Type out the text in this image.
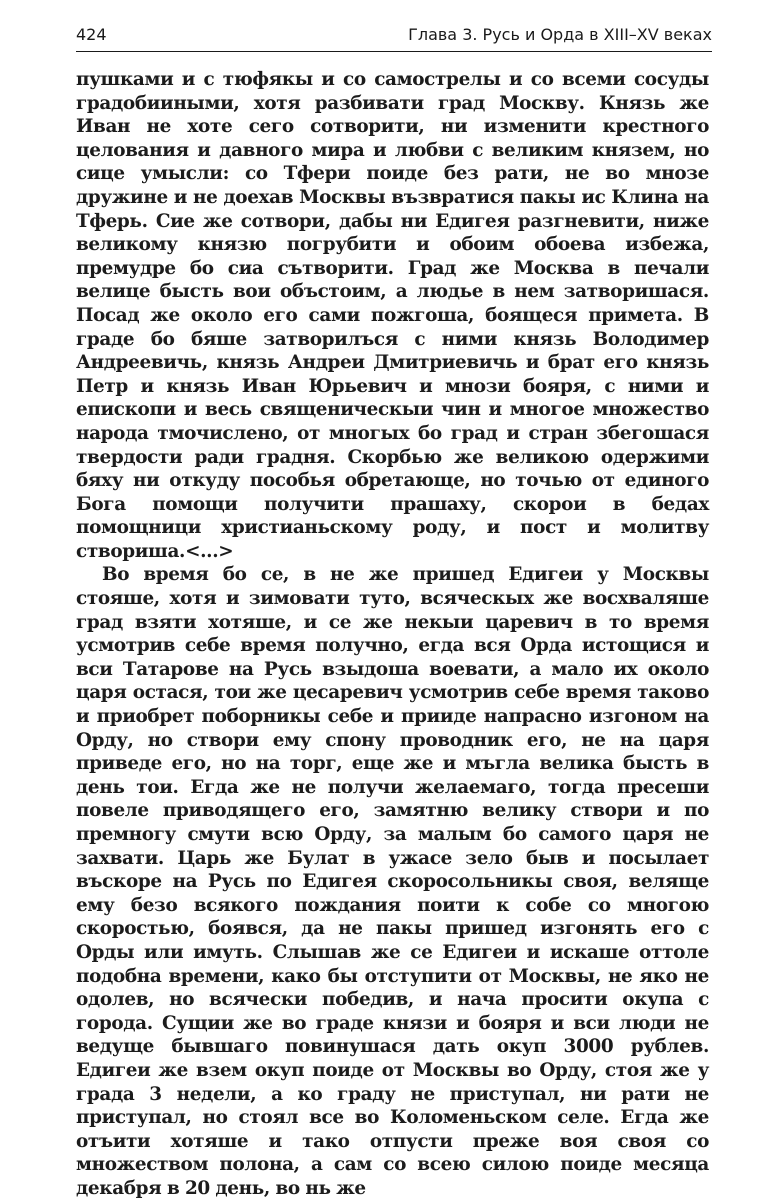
424	Глава 3. Русь и Орда в XIII–XV веках

пушками и с тюфякы и со самострелы и со всеми сосуды градобииными, хотя разбивати град Москву. Князь же Иван не хоте сего сотворити, ни изменити крестного целования и давного мира и любви с великим князем, но сице умысли: со Тфери поиде без рати, не во мнозе дружине и не доехав Москвы възвратися пакы ис Клина на Тферь. Сие же сотвори, дабы ни Едигея разгневити, ниже великому князю погрубити и обоим обоева избежа, премудре бо сиа сътворити. Град же Москва в печали велице бысть вои объстоим, а людье в нем затворишася. Посад же около его сами пожгоша, боящеся примета. В граде бо бяше затворилъся с ними князь Володимер Андреевичь, князь Андреи Дмитриевичь и брат его князь Петр и князь Иван Юрьевич и мнози бояря, с ними и епископи и весь священическыи чин и многое множество народа тмочислено, от многых бо град и стран збегошася твердости ради градня. Скорбью же великою одержими бяху ни откуду пособья обретающе, но точью от единого Бога помощи получити прашаху, скорои в бедах помощници христианьскому роду, и пост и молитву створиша.<...>

Во время бо се, в не же пришед Едигеи у Москвы стояше, хотя и зимовати туто, всяческых же восхваляше град взяти хотяше, и се же некыи царевич в то время усмотрив себе время получно, егда вся Орда истощися и вси Татарове на Русь взыдоша воевати, а мало их около царя остася, тои же цесаревич усмотрив себе время таково и приобрет поборникы себе и прииде напрасно изгоном на Орду, но створи ему спону проводник его, не на царя приведе его, но на торг, еще же и мъгла велика бысть в день тои. Егда же не получи желаемаго, тогда пресеши повеле приводящего его, замятню велику створи и по премногу смути всю Орду, за малым бо самого царя не захвати. Царь же Булат в ужасе зело быв и посылает въскоре на Русь по Едигея скоросольникы своя, веляще ему безо всякого пождания поити к собе со многою скоростью, боявся, да не пакы пришед изгонять его с Орды или имуть. Слышав же се Едигеи и искаше оттоле подобна времени, како бы отступити от Москвы, не яко не одолев, но всячески победив, и нача просити окупа с города. Сущии же во граде князи и бояря и вси люди не ведуще бывшаго повинушася дать окуп 3000 рублев. Едигеи же взем окуп поиде от Москвы во Орду, стоя же у града 3 недели, а ко граду не приступал, ни рати не приступал, но стоял все во Коломеньском селе. Егда же отъити хотяше и тако отпусти преже воя своя со множеством полона, а сам со всею силою поиде месяца декабря в 20 день, во нь же
